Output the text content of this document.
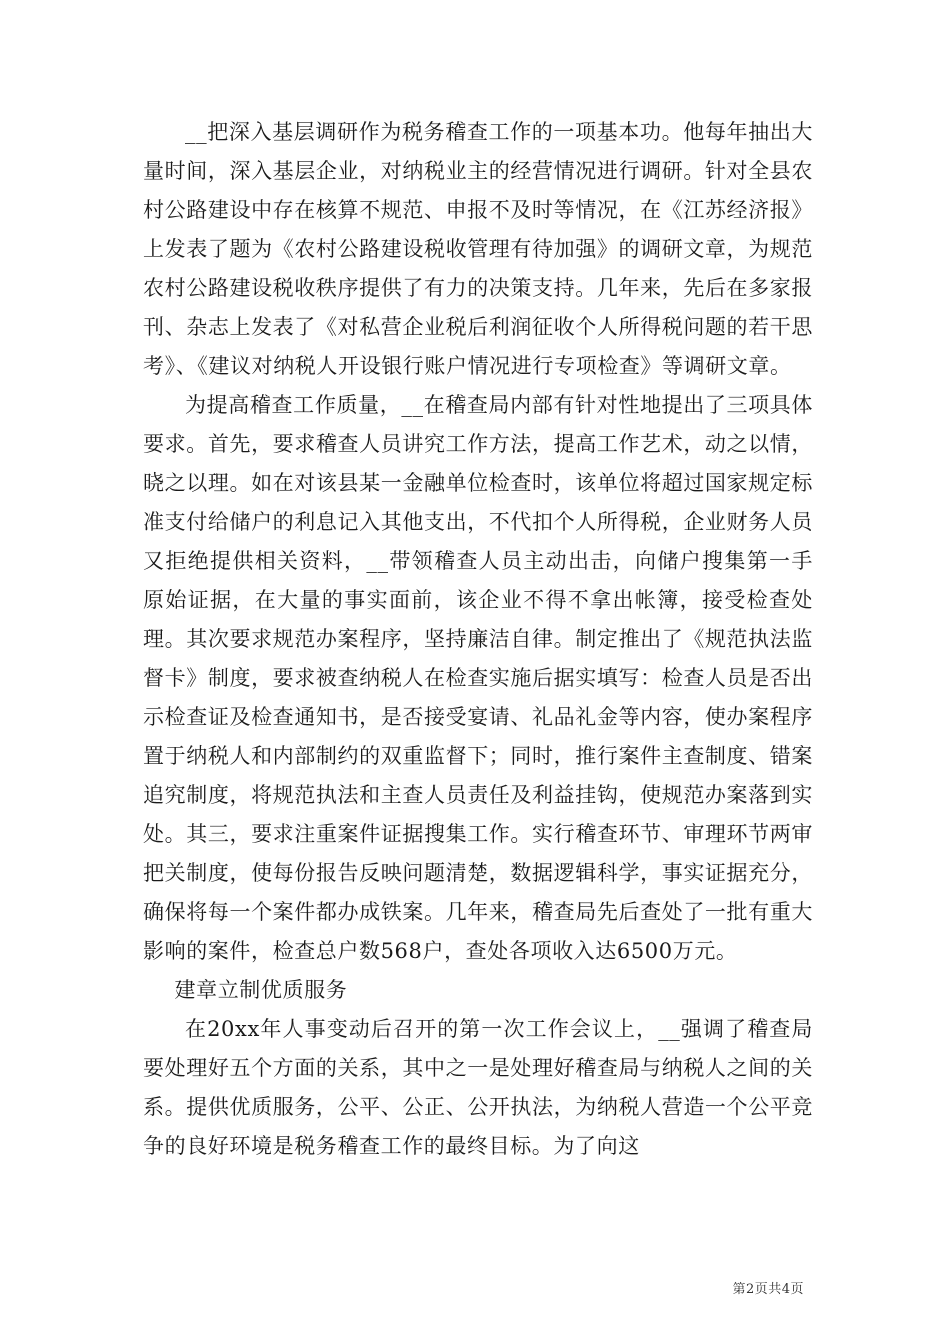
__把深入基层调研作为税务稽查工作的一项基本功。他每年抽出大量时间，深入基层企业，对纳税业主的经营情况进行调研。针对全县农村公路建设中存在核算不规范、申报不及时等情况，在《江苏经济报》上发表了题为《农村公路建设税收管理有待加强》的调研文章，为规范农村公路建设税收秩序提供了有力的决策支持。几年来，先后在多家报刊、杂志上发表了《对私营企业税后利润征收个人所得税问题的若干思考》、《建议对纳税人开设银行账户情况进行专项检查》等调研文章。

为提高稽查工作质量，__在稽查局内部有针对性地提出了三项具体要求。首先，要求稽查人员讲究工作方法，提高工作艺术，动之以情，晓之以理。如在对该县某一金融单位检查时，该单位将超过国家规定标准支付给储户的利息记入其他支出，不代扣个人所得税，企业财务人员又拒绝提供相关资料，__带领稽查人员主动出击，向储户搜集第一手原始证据，在大量的事实面前，该企业不得不拿出帐簿，接受检查处理。其次要求规范办案程序，坚持廉洁自律。制定推出了《规范执法监督卡》制度，要求被查纳税人在检查实施后据实填写：检查人员是否出示检查证及检查通知书，是否接受宴请、礼品礼金等内容，使办案程序置于纳税人和内部制约的双重监督下；同时，推行案件主查制度、错案追究制度，将规范执法和主查人员责任及利益挂钩，使规范办案落到实处。其三，要求注重案件证据搜集工作。实行稽查环节、审理环节两审把关制度，使每份报告反映问题清楚，数据逻辑科学，事实证据充分，确保将每一个案件都办成铁案。几年来，稽查局先后查处了一批有重大影响的案件，检查总户数568户，查处各项收入达6500万元。

建章立制优质服务

在20xx年人事变动后召开的第一次工作会议上，__强调了稽查局要处理好五个方面的关系，其中之一是处理好稽查局与纳税人之间的关系。提供优质服务，公平、公正、公开执法，为纳税人营造一个公平竞争的良好环境是税务稽查工作的最终目标。为了向这

第2页共4页
